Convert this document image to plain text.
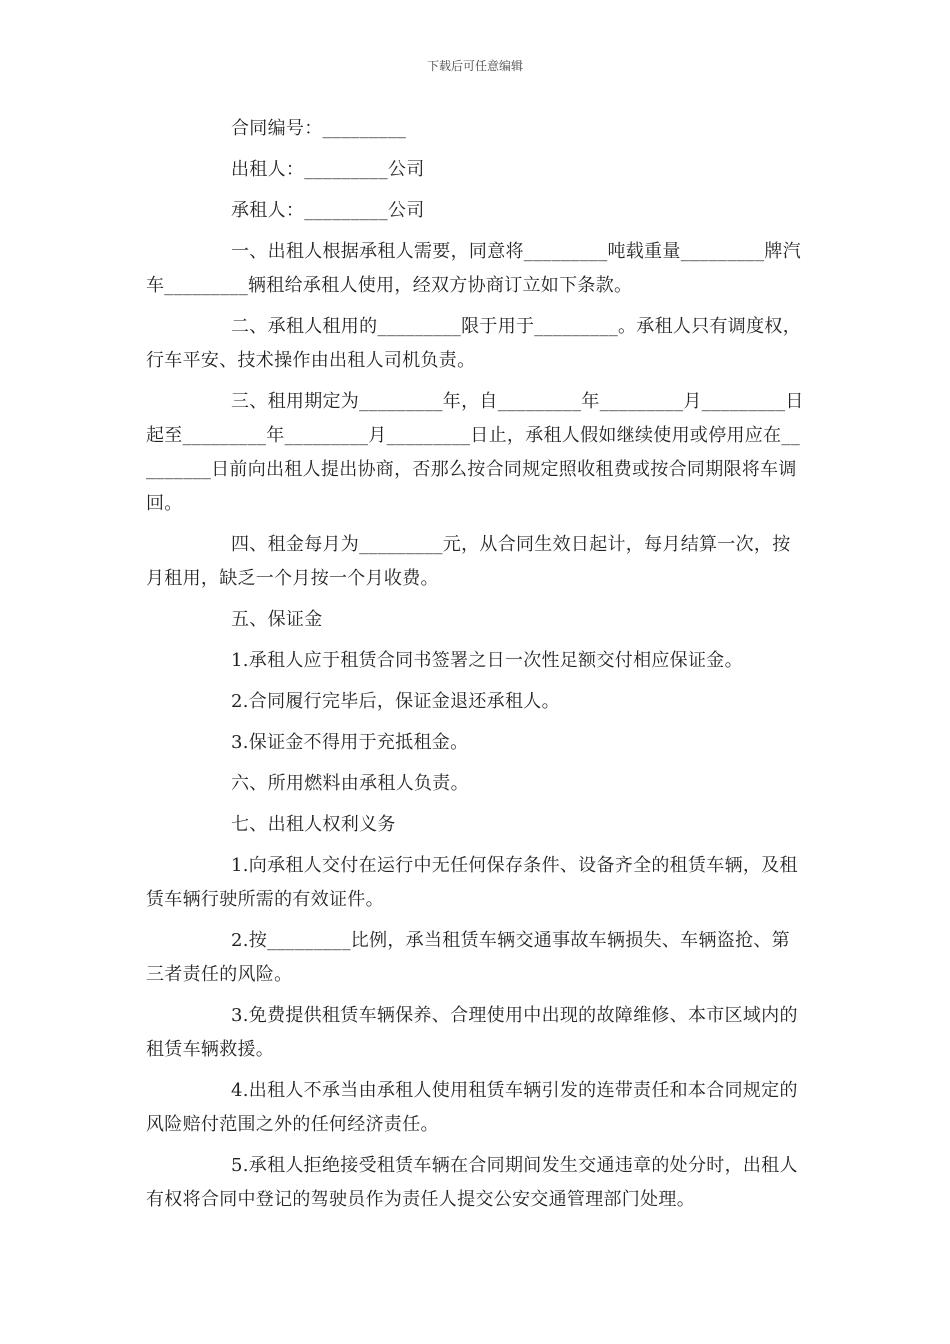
下载后可任意编辑

合同编号：_________

出租人：_________公司

承租人：_________公司

一、出租人根据承租人需要，同意将_________吨载重量_________牌汽车_________辆租给承租人使用，经双方协商订立如下条款。

二、承租人租用的_________限于用于_________。承租人只有调度权，行车平安、技术操作由出租人司机负责。

三、租用期定为_________年，自_________年_________月_________日起至_________年_________月_________日止，承租人假如继续使用或停用应在_________日前向出租人提出协商，否那么按合同规定照收租费或按合同期限将车调回。

四、租金每月为_________元，从合同生效日起计，每月结算一次，按月租用，缺乏一个月按一个月收费。

五、保证金

1.承租人应于租赁合同书签署之日一次性足额交付相应保证金。

2.合同履行完毕后，保证金退还承租人。

3.保证金不得用于充抵租金。

六、所用燃料由承租人负责。

七、出租人权利义务

1.向承租人交付在运行中无任何保存条件、设备齐全的租赁车辆，及租赁车辆行驶所需的有效证件。

2.按_________比例，承当租赁车辆交通事故车辆损失、车辆盗抢、第三者责任的风险。

3.免费提供租赁车辆保养、合理使用中出现的故障维修、本市区域内的租赁车辆救援。

4.出租人不承当由承租人使用租赁车辆引发的连带责任和本合同规定的风险赔付范围之外的任何经济责任。

5.承租人拒绝接受租赁车辆在合同期间发生交通违章的处分时，出租人有权将合同中登记的驾驶员作为责任人提交公安交通管理部门处理。
